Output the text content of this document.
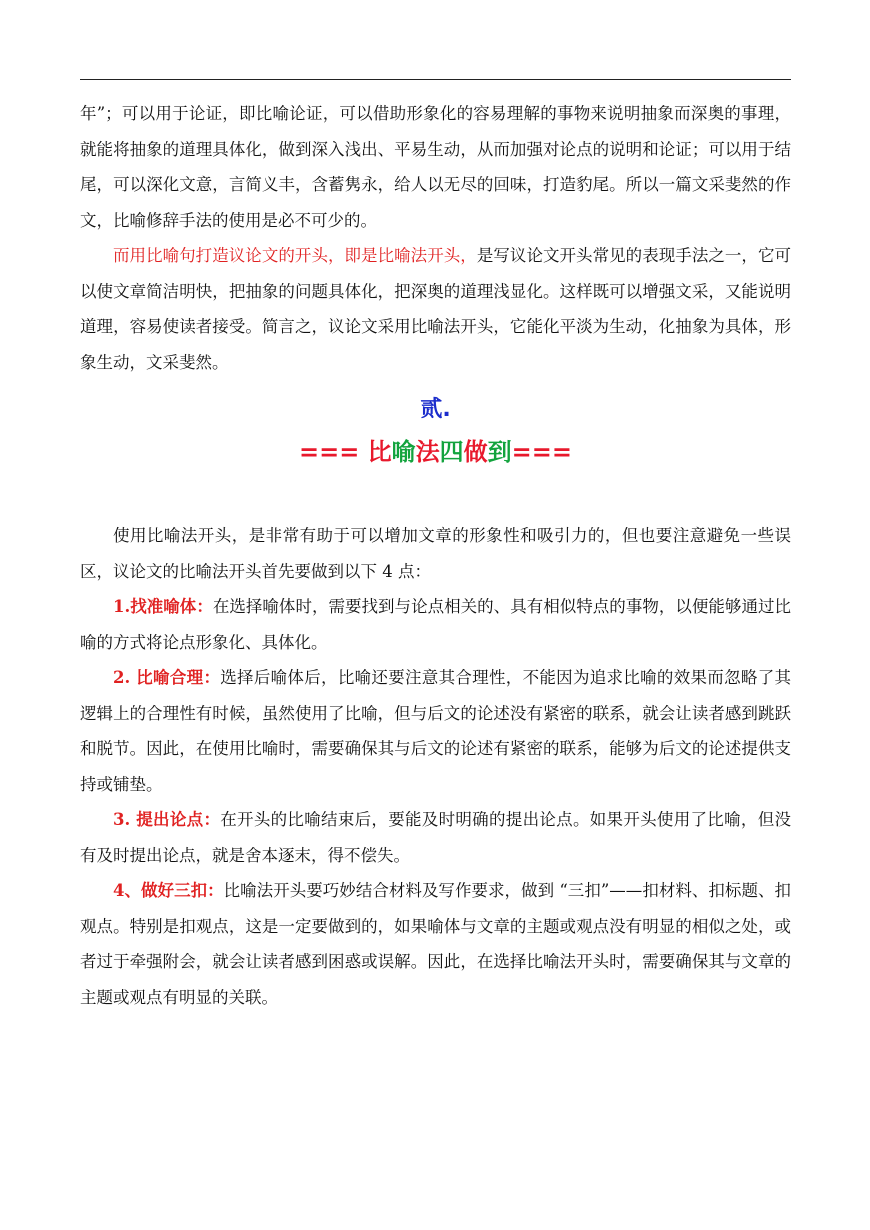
年”；可以用于论证，即比喻论证，可以借助形象化的容易理解的事物来说明抽象而深奥的事理，就能将抽象的道理具体化，做到深入浅出、平易生动，从而加强对论点的说明和论证；可以用于结尾，可以深化文意，言简义丰，含蓄隽永，给人以无尽的回味，打造豹尾。所以一篇文采斐然的作文，比喻修辞手法的使用是必不可少的。

而用比喻句打造议论文的开头，即是比喻法开头，是写议论文开头常见的表现手法之一，它可以使文章简洁明快，把抽象的问题具体化，把深奥的道理浅显化。这样既可以增强文采，又能说明道理，容易使读者接受。简言之，议论文采用比喻法开头，它能化平淡为生动，化抽象为具体，形象生动，文采斐然。

贰.
=== 比喻法四做到===

使用比喻法开头，是非常有助于可以增加文章的形象性和吸引力的，但也要注意避免一些误区，议论文的比喻法开头首先要做到以下 4 点：

1.找准喻体：在选择喻体时，需要找到与论点相关的、具有相似特点的事物，以便能够通过比喻的方式将论点形象化、具体化。

2. 比喻合理：选择后喻体后，比喻还要注意其合理性，不能因为追求比喻的效果而忽略了其逻辑上的合理性有时候，虽然使用了比喻，但与后文的论述没有紧密的联系，就会让读者感到跳跃和脱节。因此，在使用比喻时，需要确保其与后文的论述有紧密的联系，能够为后文的论述提供支持或铺垫。

3. 提出论点：在开头的比喻结束后，要能及时明确的提出论点。如果开头使用了比喻，但没有及时提出论点，就是舍本逐末，得不偿失。

4、做好三扣：比喻法开头要巧妙结合材料及写作要求，做到 “三扣”——扣材料、扣标题、扣观点。特别是扣观点，这是一定要做到的，如果喻体与文章的主题或观点没有明显的相似之处，或者过于牵强附会，就会让读者感到困惑或误解。因此，在选择比喻法开头时，需要确保其与文章的主题或观点有明显的关联。
